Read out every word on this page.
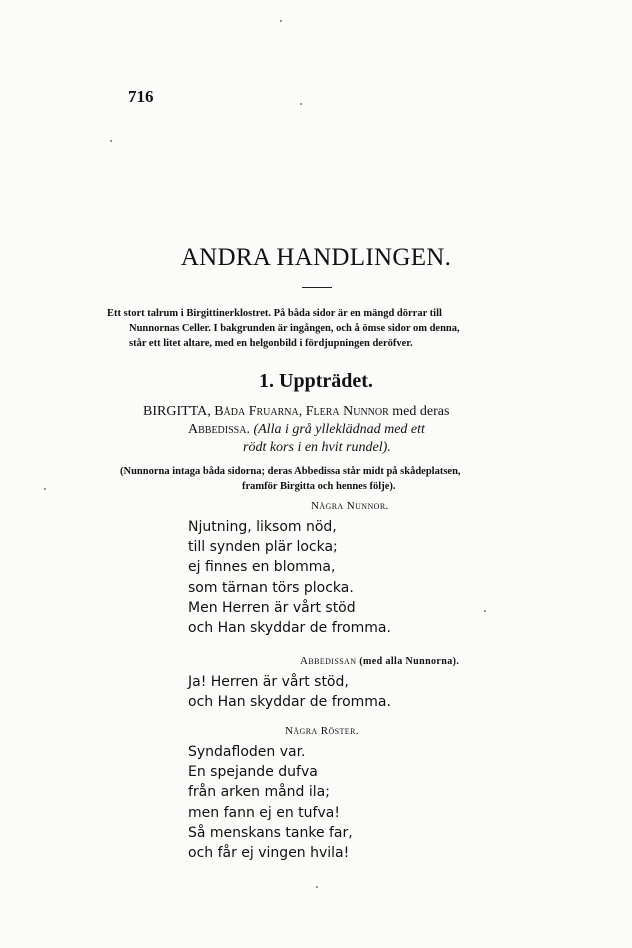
716
ANDRA HANDLINGEN.
Ett stort talrum i Birgittinerklostret. På båda sidor är en mängd dörrar till
Nunnornas Celler. I bakgrunden är ingången, och å ömse sidor om denna,
står ett litet altare, med en helgonbild i fördjupningen deröfver.
1. Uppträdet.
BIRGITTA, Båda Fruarna, Flera Nunnor med deras
Abbedissa. (Alla i grå ylleklädnad med ett
rödt kors i en hvit rundel).
(Nunnorna intaga båda sidorna; deras Abbedissa står midt på skådeplatsen,
framför Birgitta och hennes följe).
Några Nunnor.
Njutning, liksom nöd,
till synden plär locka;
ej finnes en blomma,
som tärnan törs plocka.
Men Herren är vårt stöd
och Han skyddar de fromma.
Abbedissan (med alla Nunnorna).
Ja! Herren är vårt stöd,
och Han skyddar de fromma.
Några Röster.
Syndafloden var.
En spejande dufva
från arken månd ila;
men fann ej en tufva!
Så menskans tanke far,
och får ej vingen hvila!
